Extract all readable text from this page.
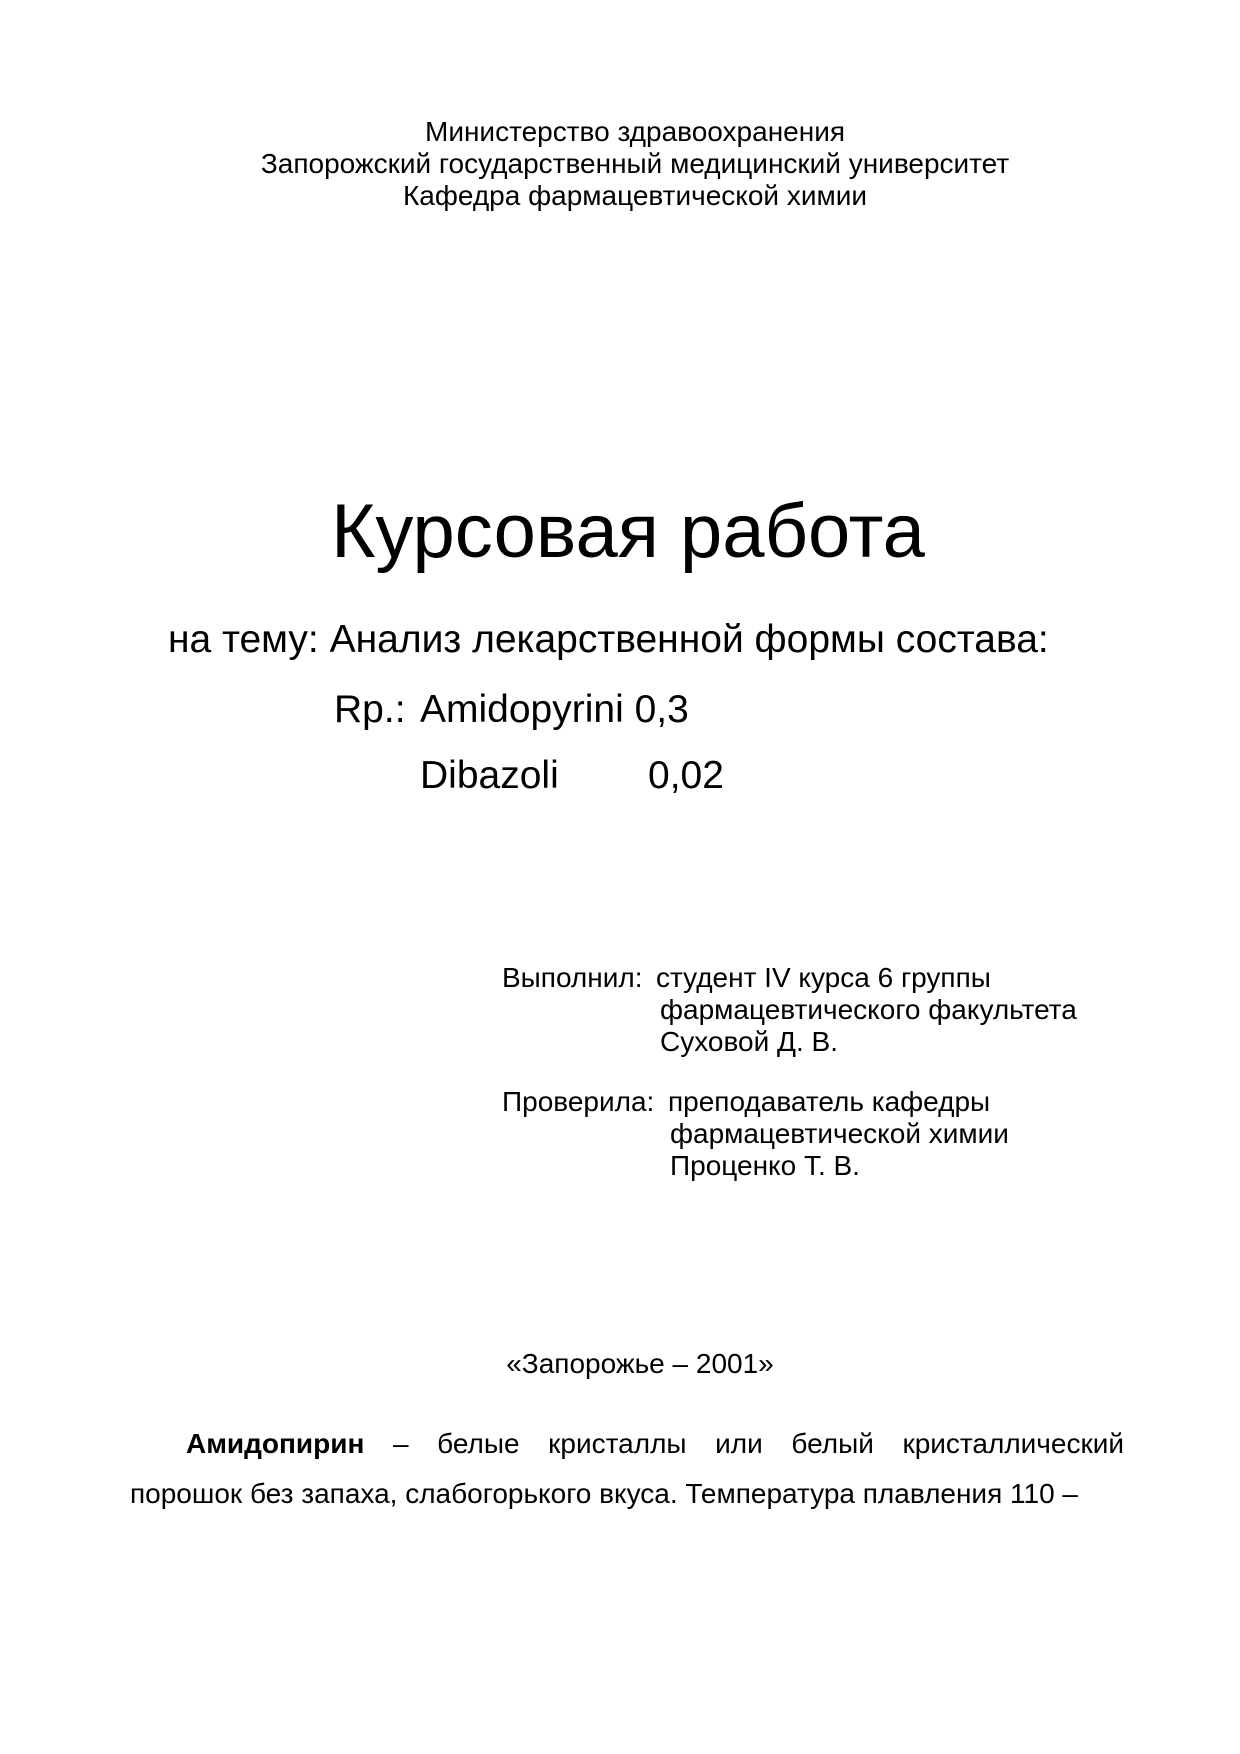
Министерство здравоохранения
Запорожский государственный медицинский университет
Кафедра фармацевтической химии
Курсовая работа
на тему: Анализ лекарственной формы состава:
Rp.: Amidopyrini 0,3
Dibazoli 0,02
Выполнил: студент IV курса 6 группы
фармацевтического факультета
Суховой Д. В.
Проверила: преподаватель кафедры
фармацевтической химии
Проценко Т. В.
«Запорожье – 2001»
Амидопирин – белые кристаллы или белый кристаллический
порошок без запаха, слабогорького вкуса. Температура плавления 110 –
